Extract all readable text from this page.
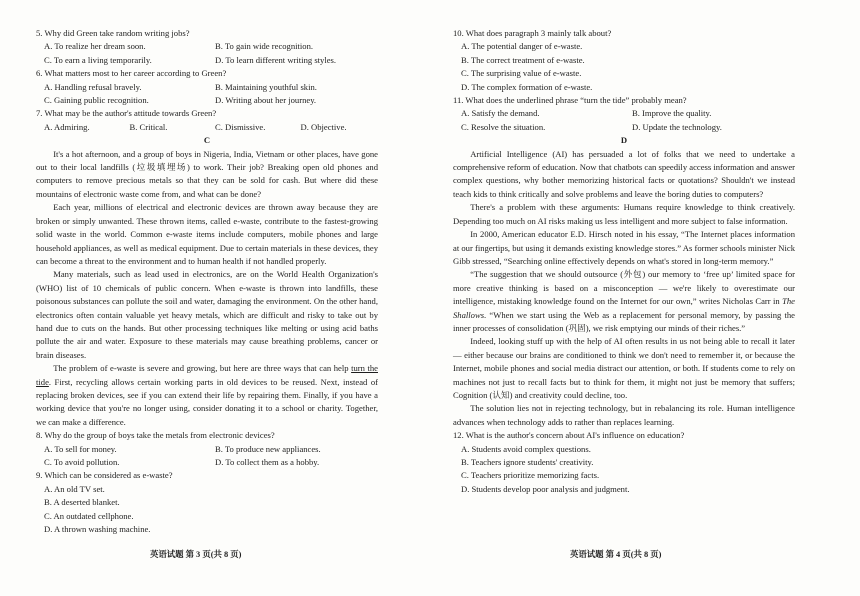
5. Why did Green take random writing jobs?
A. To realize her dream soon.	B. To gain wide recognition.
C. To earn a living temporarily.	D. To learn different writing styles.
6. What matters most to her career according to Green?
A. Handling refusal bravely.	B. Maintaining youthful skin.
C. Gaining public recognition.	D. Writing about her journey.
7. What may be the author's attitude towards Green?
A. Admiring.	B. Critical.	C. Dismissive.	D. Objective.
C
It's a hot afternoon, and a group of boys in Nigeria, India, Vietnam or other places, have gone out to their local landfills (垃圾填埋场) to work. Their job? Breaking open old phones and computers to remove precious metals so that they can be sold for cash. But where did these mountains of electronic waste come from, and what can be done?
Each year, millions of electrical and electronic devices are thrown away because they are broken or simply unwanted. These thrown items, called e-waste, contribute to the fastest-growing solid waste in the world. Common e-waste items include computers, mobile phones and large household appliances, as well as medical equipment. Due to certain materials in these devices, they can become a threat to the environment and to human health if not handled properly.
Many materials, such as lead used in electronics, are on the World Health Organization's (WHO) list of 10 chemicals of public concern. When e-waste is thrown into landfills, these poisonous substances can pollute the soil and water, damaging the environment. On the other hand, electronics often contain valuable yet heavy metals, which are difficult and risky to take out by hand due to cuts on the hands. But other processing techniques like melting or using acid baths pollute the air and water. Exposure to these materials may cause breathing problems, cancer or brain diseases.
The problem of e-waste is severe and growing, but here are three ways that can help turn the tide. First, recycling allows certain working parts in old devices to be reused. Next, instead of replacing broken devices, see if you can extend their life by repairing them. Finally, if you have a working device that you're no longer using, consider donating it to a school or charity. Together, we can make a difference.
8. Why do the group of boys take the metals from electronic devices?
A. To sell for money.	B. To produce new appliances.
C. To avoid pollution.	D. To collect them as a hobby.
9. Which can be considered as e-waste?
A. An old TV set.
B. A deserted blanket.
C. An outdated cellphone.
D. A thrown washing machine.
英语试题 第 3 页(共 8 页)
10. What does paragraph 3 mainly talk about?
A. The potential danger of e-waste.
B. The correct treatment of e-waste.
C. The surprising value of e-waste.
D. The complex formation of e-waste.
11. What does the underlined phrase “turn the tide” probably mean?
A. Satisfy the demand.	B. Improve the quality.
C. Resolve the situation.	D. Update the technology.
D
Artificial Intelligence (AI) has persuaded a lot of folks that we need to undertake a comprehensive reform of education. Now that chatbots can speedily access information and answer complex questions, why bother memorizing historical facts or quotations? Shouldn't we instead teach kids to think critically and solve problems and leave the boring duties to computers?
There's a problem with these arguments: Humans require knowledge to think creatively. Depending too much on AI risks making us less intelligent and more subject to false information.
In 2000, American educator E.D. Hirsch noted in his essay, “The Internet places information at our fingertips, but using it demands existing knowledge stores.” As former schools minister Nick Gibb stressed, “Searching online effectively depends on what's stored in long-term memory.”
“The suggestion that we should outsource (外包) our memory to ‘free up’ limited space for more creative thinking is based on a misconception — we're likely to overestimate our intelligence, mistaking knowledge found on the Internet for our own,” writes Nicholas Carr in The Shallows. “When we start using the Web as a replacement for personal memory, by passing the inner processes of consolidation (巩固), we risk emptying our minds of their riches.”
Indeed, looking stuff up with the help of AI often results in us not being able to recall it later — either because our brains are conditioned to think we don't need to remember it, or because the Internet, mobile phones and social media distract our attention, or both. If students come to rely on machines not just to recall facts but to think for them, it might not just be memory that suffers; Cognition (认知) and creativity could decline, too.
The solution lies not in rejecting technology, but in rebalancing its role. Human intelligence advances when technology adds to rather than replaces learning.
12. What is the author's concern about AI's influence on education?
A. Students avoid complex questions.
B. Teachers ignore students' creativity.
C. Teachers prioritize memorizing facts.
D. Students develop poor analysis and judgment.
英语试题 第 4 页(共 8 页)
